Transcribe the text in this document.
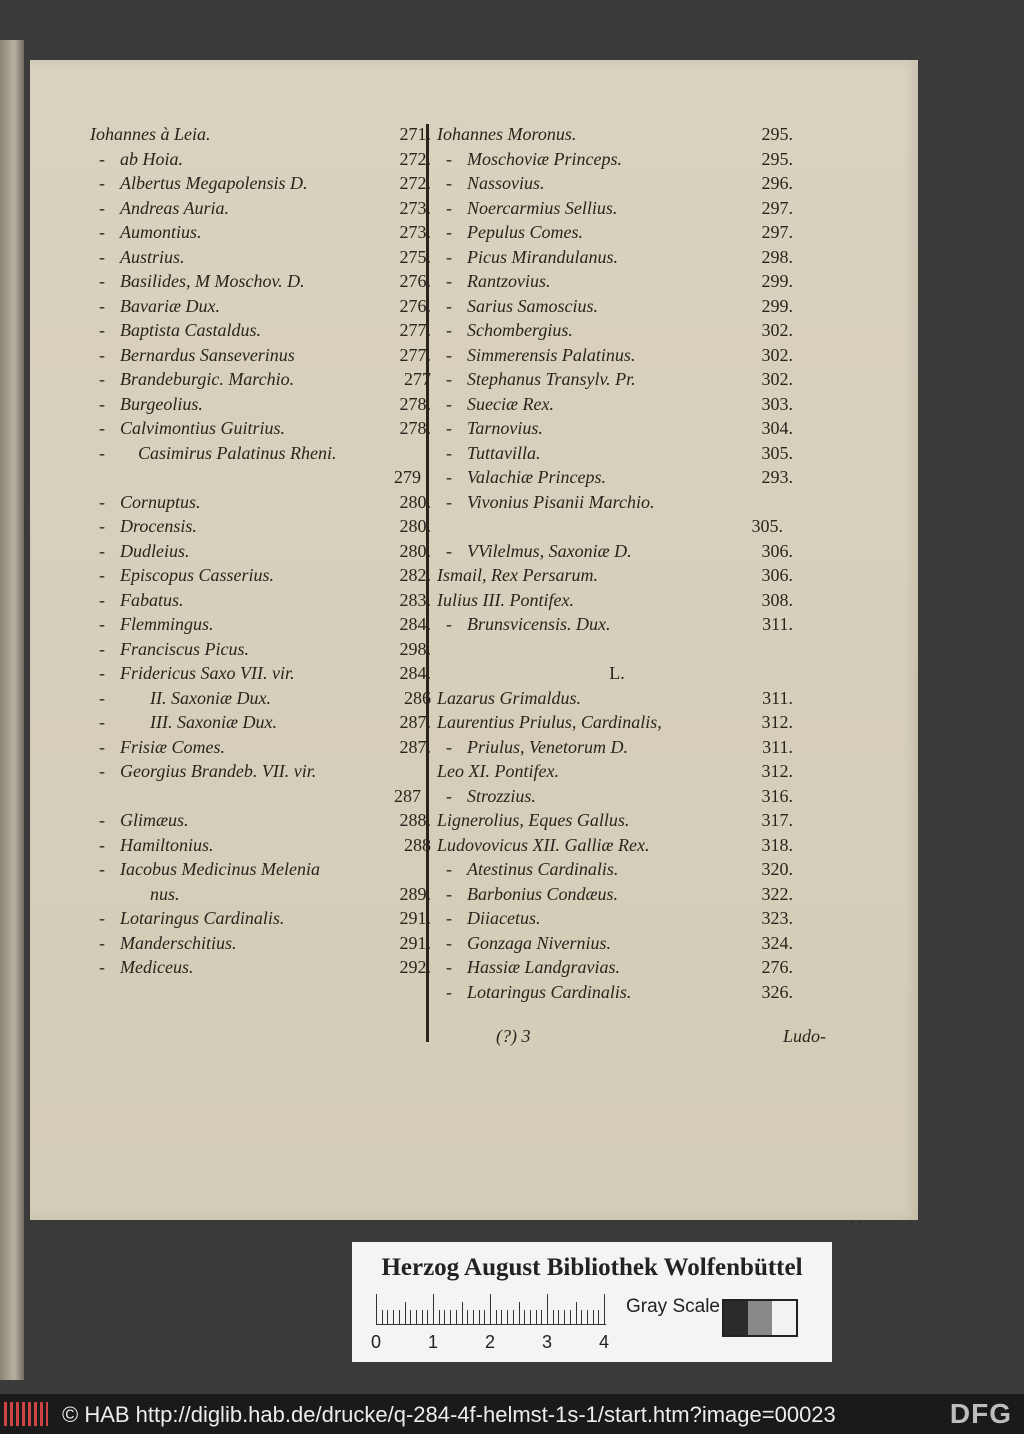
Iohannes à Leia.	271.
- ab Hoia.	272.
- Albertus Megapolensis D.	272.
- Andreas Auria.	273.
- Aumontius.	273.
- Austrius.	275.
- Basilides, M Moschov. D.	276.
- Bavariæ Dux.	276.
- Baptista Castaldus.	277.
- Bernardus Sanseverinus	277.
- Brandeburgic. Marchio.	277
- Burgeolius.	278.
- Calvimontius Guitrius.	278.
-	Casimirus Palatinus Rheni.
279
- Cornuptus.	280.
- Drocensis.	280.
- Dudleius.	280.
- Episcopus Casserius.	282.
- Fabatus.	283.
- Flemmingus.	284.
- Franciscus Picus.	298.
- Fridericus Saxo VII. vir.	284.
-	II. Saxoniæ Dux.	286
-	III. Saxoniæ Dux.	287.
- Frisiæ Comes.	287.
- Georgius Brandeb. VII. vir.
287
- Glimæus.	288.
- Hamiltonius.	288
- Iacobus Medicinus Melenia
nus.	289.
- Lotaringus Cardinalis.	291.
- Manderschitius.	291.
- Mediceus.	292.
Iohannes Moronus.	295.
- Moschoviæ Princeps.	295.
- Nassovius.	296.
- Noercarmius Sellius.	297.
- Pepulus Comes.	297.
- Picus Mirandulanus.	298.
- Rantzovius.	299.
- Sarius Samoscius.	299.
- Schombergius.	302.
- Simmerensis Palatinus.	302.
- Stephanus Transylv. Pr.	302.
- Sueciæ Rex.	303.
- Tarnovius.	304.
- Tuttavilla.	305.
- Valachiæ Princeps.	293.
- Vivonius Pisanii Marchio.
305.
- VVilelmus, Saxoniæ D.	306.
Ismail, Rex Persarum.	306.
Iulius III. Pontifex.	308.
- Brunsvicensis. Dux.	311.
L.
Lazarus Grimaldus.	311.
Laurentius Priulus, Cardinalis,	312.
- Priulus, Venetorum D.	311.
Leo XI. Pontifex.	312.
- Strozzius.	316.
Lignerolius, Eques Gallus.	317.
Ludovovicus XII. Galliæ Rex.	318.
- Atestinus Cardinalis.	320.
- Barbonius Condæus.	322.
- Diiacetus.	323.
- Gonzaga Nivernius.	324.
- Hassiæ Landgravias.	276.
- Lotaringus Cardinalis.	326.
(?) 3	Ludo-
. .
Herzog August Bibliothek Wolfenbüttel
0	1	2	3	4
Gray Scale
© HAB http://diglib.hab.de/drucke/q-284-4f-helmst-1s-1/start.htm?image=00023	DFG
